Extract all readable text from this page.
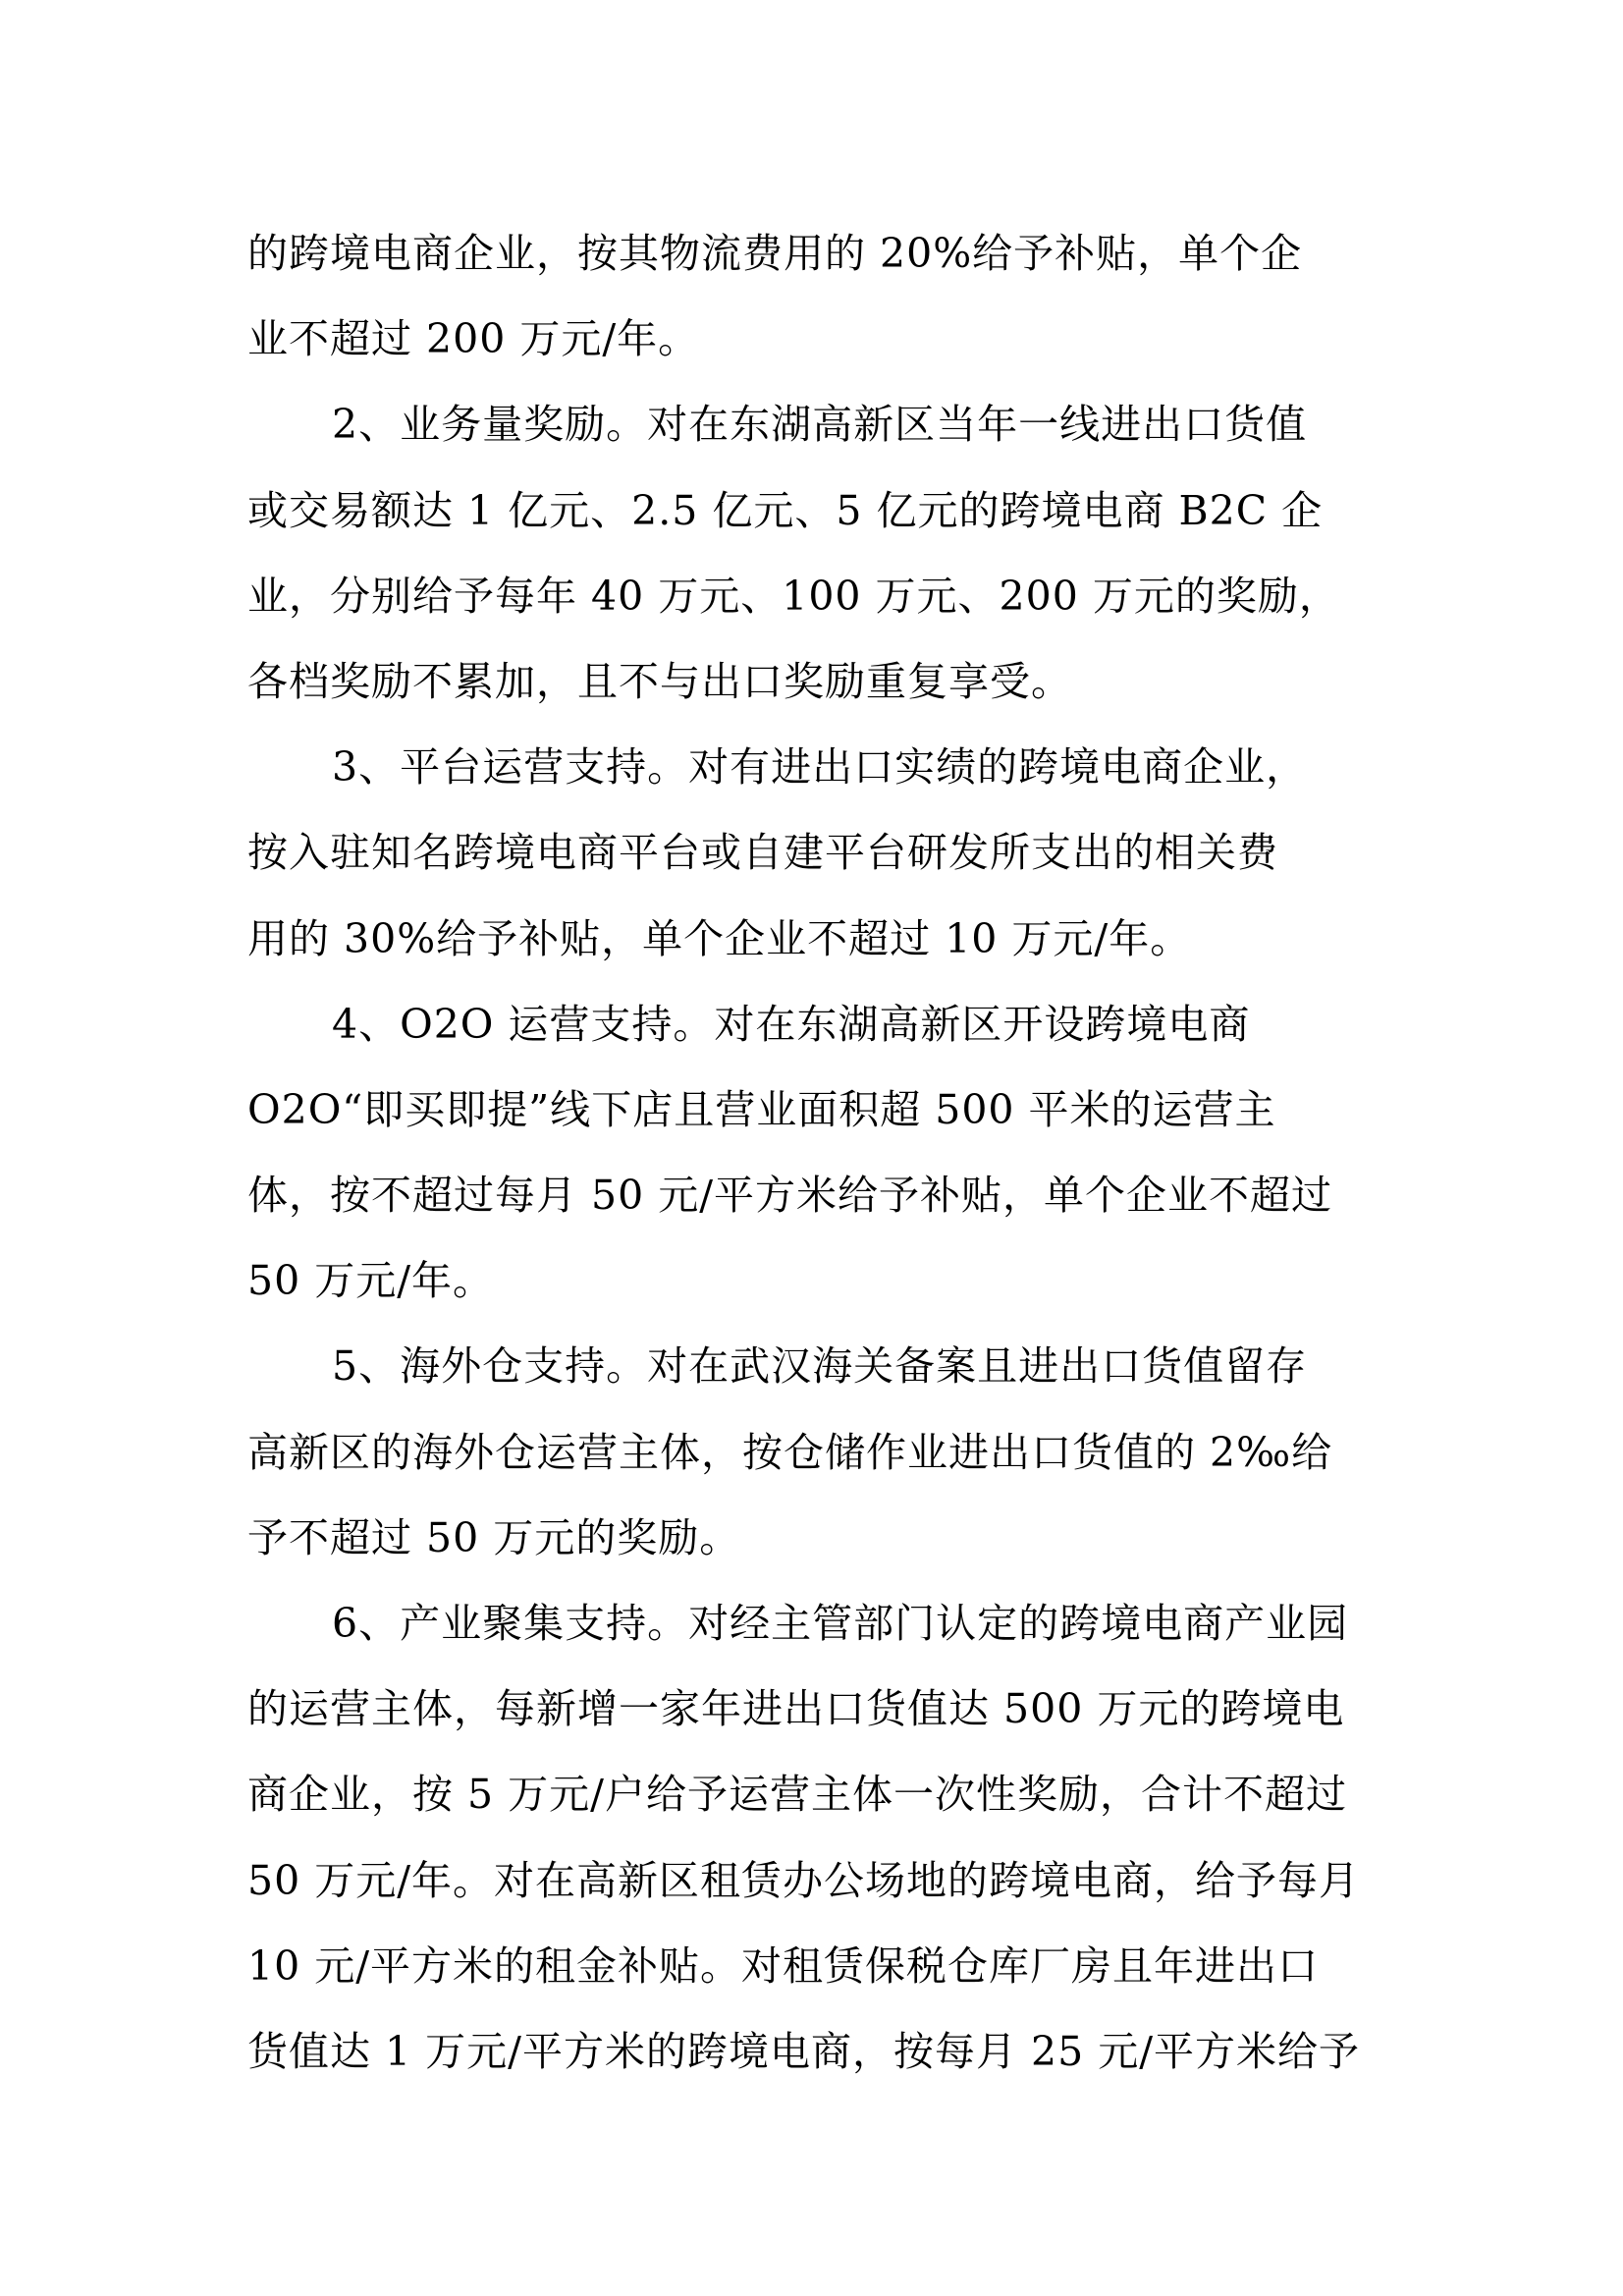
的跨境电商企业，按其物流费用的 20%给予补贴，单个企
业不超过 200 万元/年。
2、业务量奖励。对在东湖高新区当年一线进出口货值
或交易额达 1 亿元、2.5 亿元、5 亿元的跨境电商 B2C 企
业，分别给予每年 40 万元、100 万元、200 万元的奖励，
各档奖励不累加，且不与出口奖励重复享受。
3、平台运营支持。对有进出口实绩的跨境电商企业，
按入驻知名跨境电商平台或自建平台研发所支出的相关费
用的 30%给予补贴，单个企业不超过 10 万元/年。
4、O2O 运营支持。对在东湖高新区开设跨境电商
O2O“即买即提”线下店且营业面积超 500 平米的运营主
体，按不超过每月 50 元/平方米给予补贴，单个企业不超过
50 万元/年。
5、海外仓支持。对在武汉海关备案且进出口货值留存
高新区的海外仓运营主体，按仓储作业进出口货值的 2‰给
予不超过 50 万元的奖励。
6、产业聚集支持。对经主管部门认定的跨境电商产业园
的运营主体，每新增一家年进出口货值达 500 万元的跨境电
商企业，按 5 万元/户给予运营主体一次性奖励，合计不超过
50 万元/年。对在高新区租赁办公场地的跨境电商，给予每月
10 元/平方米的租金补贴。对租赁保税仓库厂房且年进出口
货值达 1 万元/平方米的跨境电商，按每月 25 元/平方米给予
